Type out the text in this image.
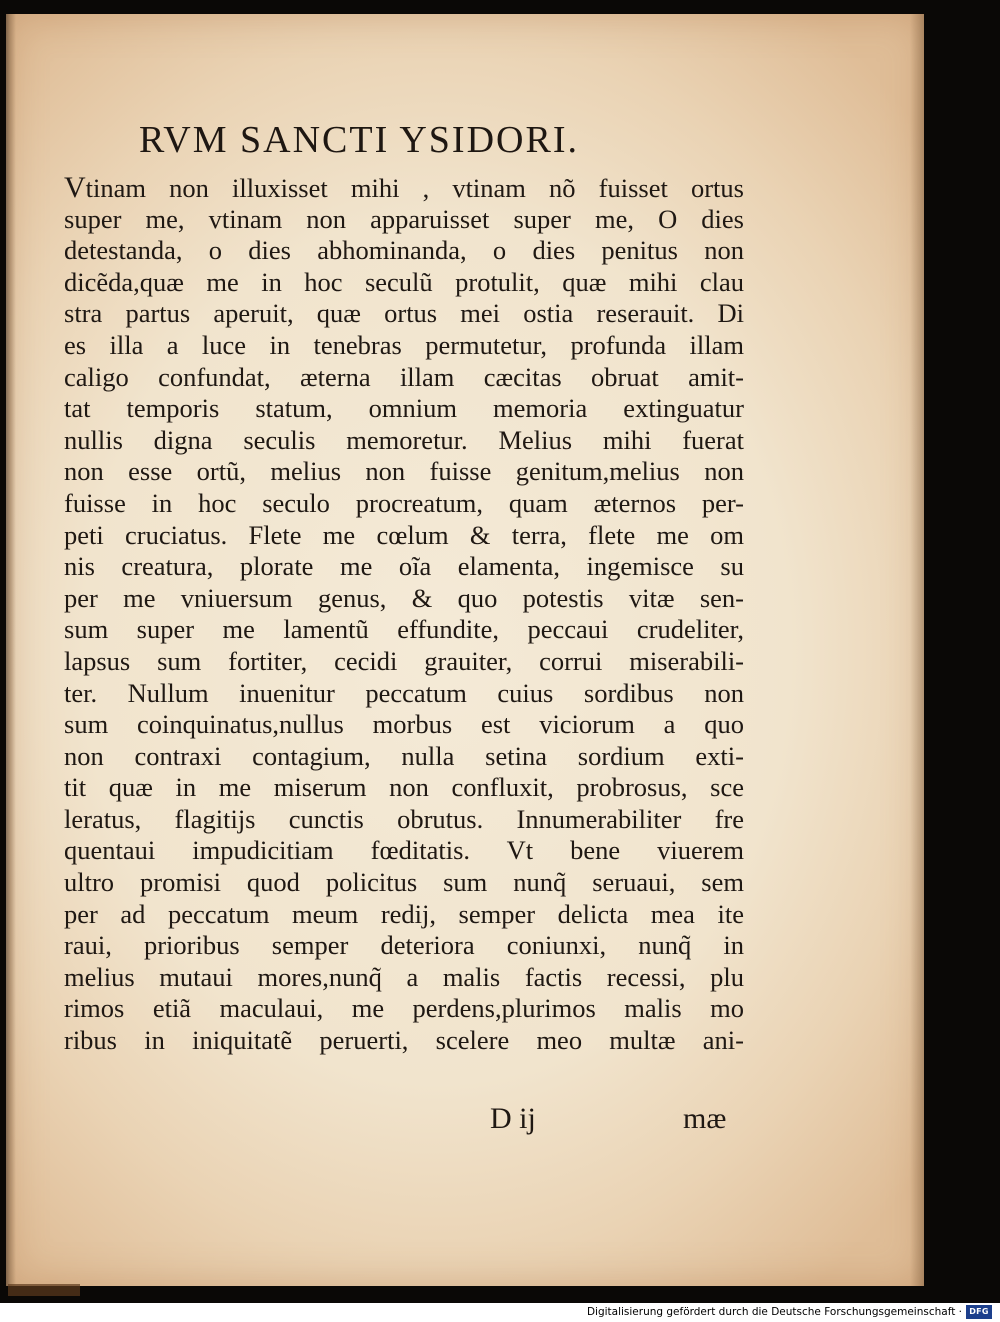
RVM SANCTI YSIDORI.
Vtinam non illuxisset mihi , vtinam nõ fuisset ortus
super me, vtinam non apparuisset super me, O dies
detestanda, o dies abhominanda, o dies penitus non
dicẽda,quæ me in hoc seculũ protulit, quæ mihi clau
stra partus aperuit, quæ ortus mei ostia reserauit. Di
es illa a luce in tenebras permutetur, profunda illam
caligo confundat, æterna illam cæcitas obruat amit-
tat temporis statum, omnium memoria extinguatur
nullis digna seculis memoretur. Melius mihi fuerat
non esse ortũ, melius non fuisse genitum,melius non
fuisse in hoc seculo procreatum, quam æternos per-
peti cruciatus. Flete me cœlum & terra, flete me om
nis creatura, plorate me oĩa elamenta, ingemisce su
per me vniuersum genus, & quo potestis vitæ sen-
sum super me lamentũ effundite, peccaui crudeliter,
lapsus sum fortiter, cecidi grauiter, corrui miserabili-
ter. Nullum inuenitur peccatum cuius sordibus non
sum coinquinatus,nullus morbus est viciorum a quo
non contraxi contagium, nulla setina sordium exti-
tit quæ in me miserum non confluxit, probrosus, sce
leratus, flagitijs cunctis obrutus. Innumerabiliter fre
quentaui impudicitiam fœditatis. Vt bene viuerem
ultro promisi quod policitus sum nunq̃ seruaui, sem
per ad peccatum meum redij, semper delicta mea ite
raui, prioribus semper deteriora coniunxi, nunq̃ in
melius mutaui mores,nunq̃ a malis factis recessi, plu
rimos etiã maculaui, me perdens,plurimos malis mo
ribus in iniquitatẽ peruerti, scelere meo multæ ani-
D ij	mæ
Digitalisierung gefördert durch die Deutsche Forschungsgemeinschaft · DFG
